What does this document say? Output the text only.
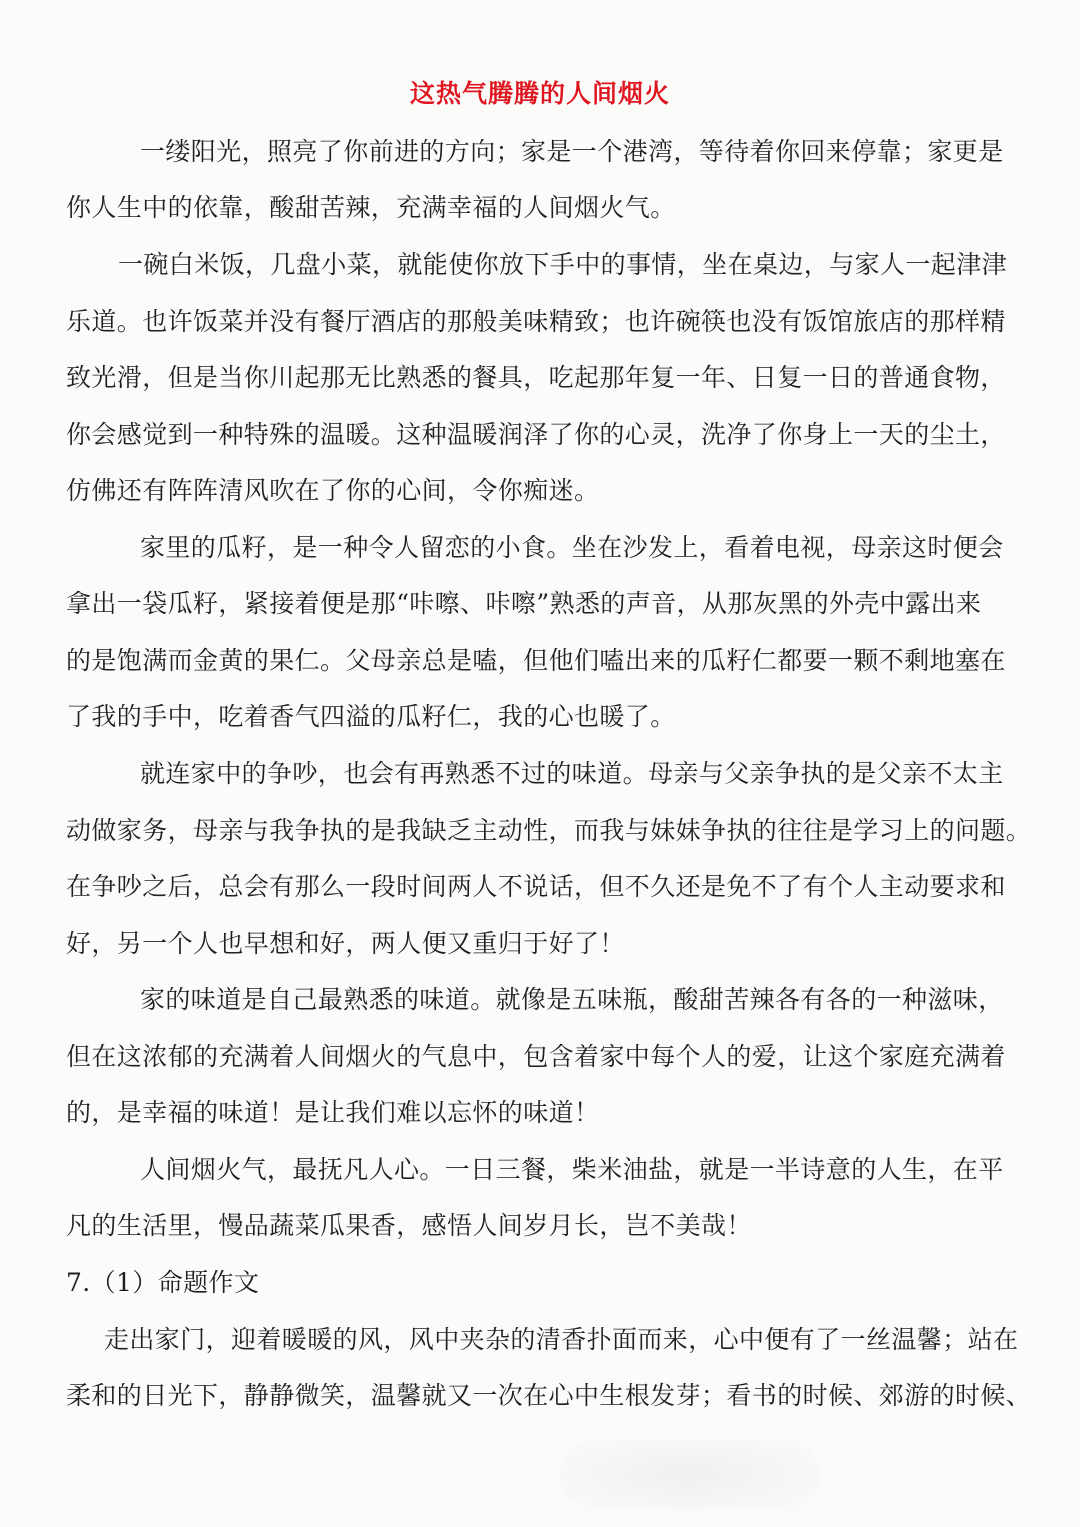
这热气腾腾的人间烟火
一缕阳光，照亮了你前进的方向；家是一个港湾，等待着你回来停靠；家更是
你人生中的依靠，酸甜苦辣，充满幸福的人间烟火气。
一碗白米饭，几盘小菜，就能使你放下手中的事情，坐在桌边，与家人一起津津
乐道。也许饭菜并没有餐厅酒店的那般美味精致；也许碗筷也没有饭馆旅店的那样精
致光滑，但是当你川起那无比熟悉的餐具，吃起那年复一年、日复一日的普通食物，
你会感觉到一种特殊的温暖。这种温暖润泽了你的心灵，洗净了你身上一天的尘土，
仿佛还有阵阵清风吹在了你的心间，令你痴迷。
家里的瓜籽，是一种令人留恋的小食。坐在沙发上，看着电视，母亲这时便会
拿出一袋瓜籽，紧接着便是那“咔嚓、咔嚓”熟悉的声音，从那灰黑的外壳中露出来
的是饱满而金黄的果仁。父母亲总是嗑，但他们嗑出来的瓜籽仁都要一颗不剩地塞在
了我的手中，吃着香气四溢的瓜籽仁，我的心也暖了。
就连家中的争吵，也会有再熟悉不过的味道。母亲与父亲争执的是父亲不太主
动做家务，母亲与我争执的是我缺乏主动性，而我与妹妹争执的往往是学习上的问题。
在争吵之后，总会有那么一段时间两人不说话，但不久还是免不了有个人主动要求和
好，另一个人也早想和好，两人便又重归于好了！
家的味道是自己最熟悉的味道。就像是五味瓶，酸甜苦辣各有各的一种滋味，
但在这浓郁的充满着人间烟火的气息中，包含着家中每个人的爱，让这个家庭充满着
的，是幸福的味道！是让我们难以忘怀的味道！
人间烟火气，最抚凡人心。一日三餐，柴米油盐，就是一半诗意的人生，在平
凡的生活里，慢品蔬菜瓜果香，感悟人间岁月长，岂不美哉！
7.（1）命题作文
走出家门，迎着暖暖的风，风中夹杂的清香扑面而来，心中便有了一丝温馨；站在
柔和的日光下，静静微笑，温馨就又一次在心中生根发芽；看书的时候、郊游的时候、
